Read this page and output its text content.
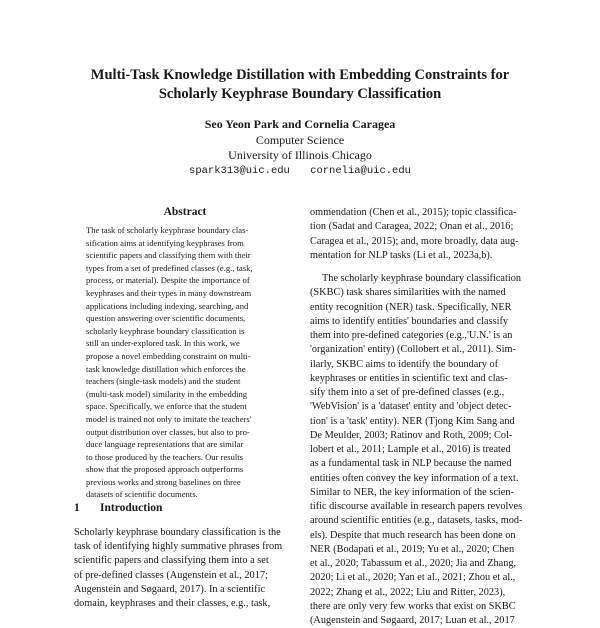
Multi-Task Knowledge Distillation with Embedding Constraints for
Scholarly Keyphrase Boundary Classification
Seo Yeon Park and Cornelia Caragea
Computer Science
University of Illinois Chicago
spark313@uic.edu cornelia@uic.edu
Abstract
The task of scholarly keyphrase boundary clas-
sification aims at identifying keyphrases from
scientific papers and classifying them with their
types from a set of predefined classes (e.g., task,
process, or material). Despite the importance of
keyphrases and their types in many downstream
applications including indexing, searching, and
question answering over scientific documents,
scholarly keyphrase boundary classification is
still an under-explored task. In this work, we
propose a novel embedding constraint on multi-
task knowledge distillation which enforces the
teachers (single-task models) and the student
(multi-task model) similarity in the embedding
space. Specifically, we enforce that the student
model is trained not only to imitate the teachers'
output distribution over classes, but also to pro-
duce language representations that are similar
to those produced by the teachers. Our results
show that the proposed approach outperforms
previous works and strong baselines on three
datasets of scientific documents.
1 Introduction
Scholarly keyphrase boundary classification is the
task of identifying highly summative phrases from
scientific papers and classifying them into a set
of pre-defined classes (Augenstein et al., 2017;
Augenstein and Søgaard, 2017). In a scientific
domain, keyphrases and their classes, e.g., task,
ommendation (Chen et al., 2015); topic classifica-
tion (Sadat and Caragea, 2022; Onan et al., 2016;
Caragea et al., 2015); and, more broadly, data aug-
mentation for NLP tasks (Li et al., 2023a,b).
The scholarly keyphrase boundary classification
(SKBC) task shares similarities with the named
entity recognition (NER) task. Specifically, NER
aims to identify entities' boundaries and classify
them into pre-defined categories (e.g.,'U.N.' is an
'organization' entity) (Collobert et al., 2011). Sim-
ilarly, SKBC aims to identify the boundary of
keyphrases or entities in scientific text and clas-
sify them into a set of pre-defined classes (e.g.,
'WebVision' is a 'dataset' entity and 'object detec-
tion' is a 'task' entity). NER (Tjong Kim Sang and
De Meulder, 2003; Ratinov and Roth, 2009; Col-
lobert et al., 2011; Lample et al., 2016) is treated
as a fundamental task in NLP because the named
entities often convey the key information of a text.
Similar to NER, the key information of the scien-
tific discourse available in research papers revolves
around scientific entities (e.g., datasets, tasks, mod-
els). Despite that much research has been done on
NER (Bodapati et al., 2019; Yu et al., 2020; Chen
et al., 2020; Tabassum et al., 2020; Jia and Zhang,
2020; Li et al., 2020; Yan et al., 2021; Zhou et al.,
2022; Zhang et al., 2022; Liu and Ritter, 2023),
there are only very few works that exist on SKBC
(Augenstein and Søgaard, 2017; Luan et al., 2017
